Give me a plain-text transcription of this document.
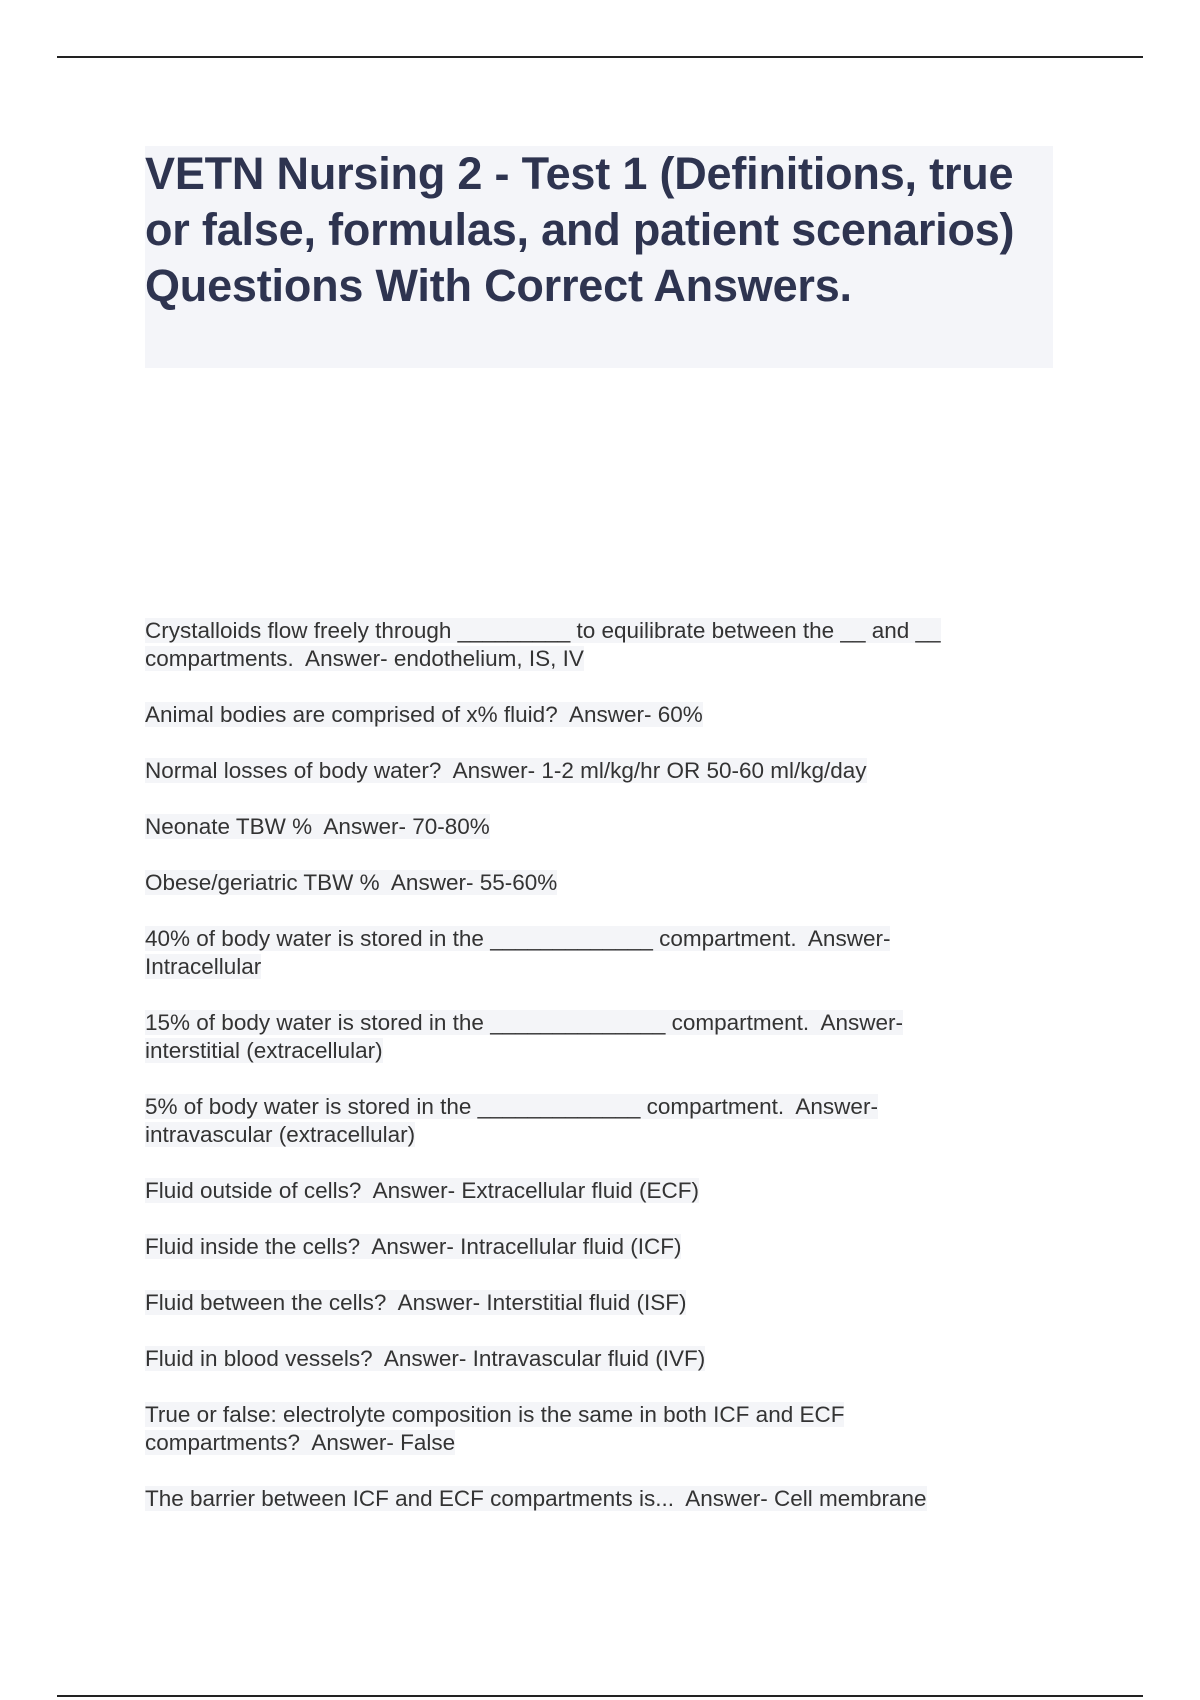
VETN Nursing 2 - Test 1 (Definitions, true or false, formulas, and patient scenarios) Questions With Correct Answers.
Crystalloids flow freely through _________ to equilibrate between the __ and __
compartments.  Answer- endothelium, IS, IV
Animal bodies are comprised of x% fluid?  Answer- 60%
Normal losses of body water?  Answer- 1-2 ml/kg/hr OR 50-60 ml/kg/day
Neonate TBW %  Answer- 70-80%
Obese/geriatric TBW %  Answer- 55-60%
40% of body water is stored in the _____________ compartment.  Answer-
Intracellular
15% of body water is stored in the ______________ compartment.  Answer-
interstitial (extracellular)
5% of body water is stored in the _____________ compartment.  Answer-
intravascular (extracellular)
Fluid outside of cells?  Answer- Extracellular fluid (ECF)
Fluid inside the cells?  Answer- Intracellular fluid (ICF)
Fluid between the cells?  Answer- Interstitial fluid (ISF)
Fluid in blood vessels?  Answer- Intravascular fluid (IVF)
True or false: electrolyte composition is the same in both ICF and ECF
compartments?  Answer- False
The barrier between ICF and ECF compartments is...  Answer- Cell membrane
